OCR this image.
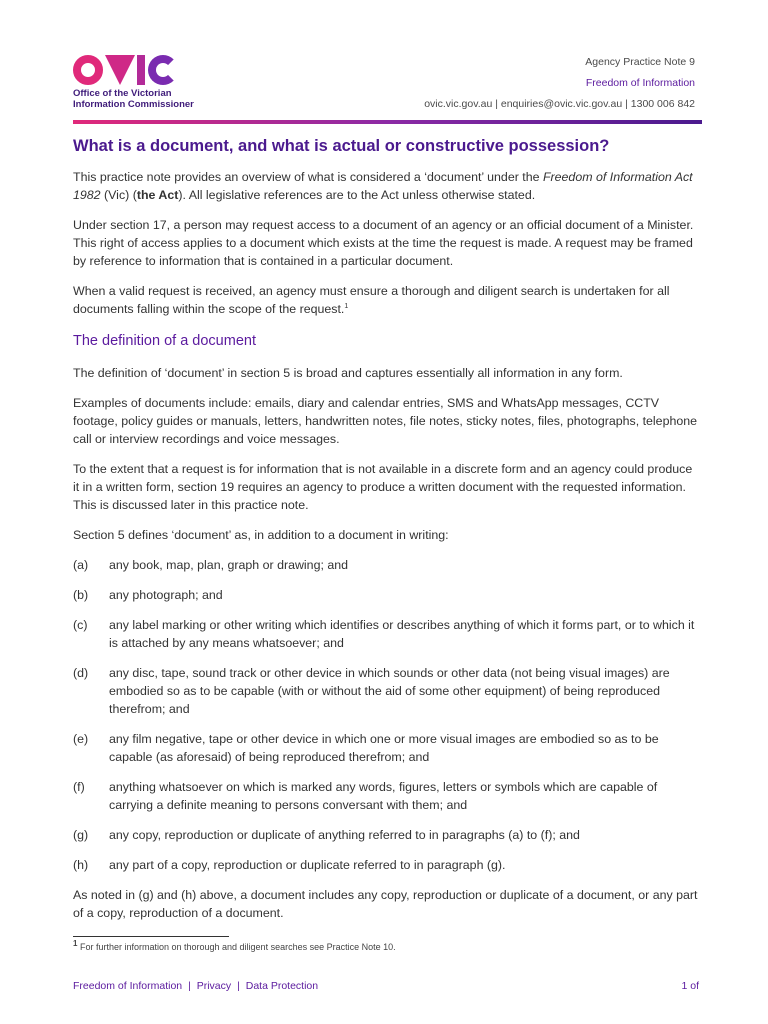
Office of the Victorian
Information Commissioner
Agency Practice Note 9
Freedom of Information
ovic.vic.gov.au | enquiries@ovic.vic.gov.au | 1300 006 842
What is a document, and what is actual or constructive possession?

This practice note provides an overview of what is considered a ‘document’ under the Freedom of Information Act 1982 (Vic) (the Act). All legislative references are to the Act unless otherwise stated.

Under section 17, a person may request access to a document of an agency or an official document of a Minister. This right of access applies to a document which exists at the time the request is made. A request may be framed by reference to information that is contained in a particular document.

When a valid request is received, an agency must ensure a thorough and diligent search is undertaken for all documents falling within the scope of the request.$^1$

The definition of a document

The definition of ‘document’ in section 5 is broad and captures essentially all information in any form.

Examples of documents include: emails, diary and calendar entries, SMS and WhatsApp messages, CCTV footage, policy guides or manuals, letters, handwritten notes, file notes, sticky notes, files, photographs, telephone call or interview recordings and voice messages.

To the extent that a request is for information that is not available in a discrete form and an agency could produce it in a written form, section 19 requires an agency to produce a written document with the requested information. This is discussed later in this practice note.

Section 5 defines ‘document’ as, in addition to a document in writing:

(a)	any book, map, plan, graph or drawing; and
(b)	any photograph; and
(c)	any label marking or other writing which identifies or describes anything of which it forms part, or to which it is attached by any means whatsoever; and
(d)	any disc, tape, sound track or other device in which sounds or other data (not being visual images) are embodied so as to be capable (with or without the aid of some other equipment) of being reproduced therefrom; and
(e)	any film negative, tape or other device in which one or more visual images are embodied so as to be capable (as aforesaid) of being reproduced therefrom; and
(f)	anything whatsoever on which is marked any words, figures, letters or symbols which are capable of carrying a definite meaning to persons conversant with them; and
(g)	any copy, reproduction or duplicate of anything referred to in paragraphs (a) to (f); and
(h)	any part of a copy, reproduction or duplicate referred to in paragraph (g).

As noted in (g) and (h) above, a document includes any copy, reproduction or duplicate of a document, or any part of a copy, reproduction of a document.

1 For further information on thorough and diligent searches see Practice Note 10.
Freedom of Information | Privacy | Data Protection	1 of
